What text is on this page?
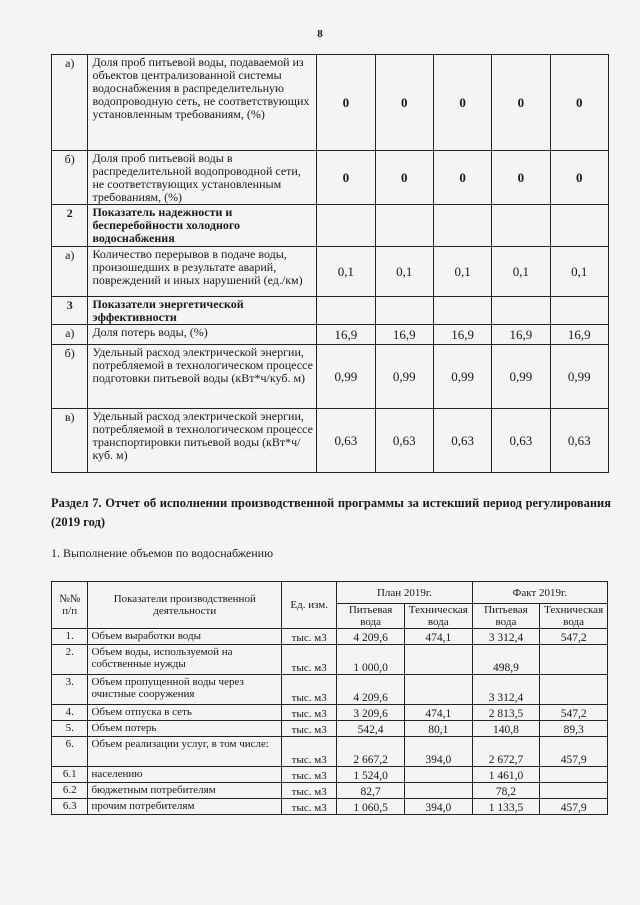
8
а)	Доля проб питьевой воды, подаваемой из объектов централизованной системы водоснабжения в распределительную водопроводную сеть, не соответствующих установленным требованиям, (%)	0	0	0	0	0
б)	Доля проб питьевой воды в распределительной водопроводной сети, не соответствующих установленным требованиям, (%)	0	0	0	0	0
2	Показатель надежности и бесперебойности холодного водоснабжения					
а)	Количество перерывов в подаче воды, произошедших в результате аварий, повреждений и иных нарушений (ед./км)	0,1	0,1	0,1	0,1	0,1
3	Показатели энергетической эффективности					
а)	Доля потерь воды, (%)	16,9	16,9	16,9	16,9	16,9
б)	Удельный расход электрической энергии, потребляемой в технологическом процессе подготовки питьевой воды (кВт*ч/куб. м)	0,99	0,99	0,99	0,99	0,99
в)	Удельный расход электрической энергии, потребляемой в технологическом процессе транспортировки питьевой воды (кВт*ч/куб. м)	0,63	0,63	0,63	0,63	0,63
Раздел 7. Отчет об исполнении производственной программы за истекший период регулирования (2019 год)
1. Выполнение объемов по водоснабжению
№№ п/п	Показатели производственной деятельности	Ед. изм.	План 2019г.		Факт 2019г.	
			Питьевая вода	Техническая вода	Питьевая вода	Техническая вода
1.	Объем выработки воды	тыс. м3	4 209,6	474,1	3 312,4	547,2
2.	Объем воды, используемой на собственные нужды	тыс. м3	1 000,0		498,9	
3.	Объем пропущенной воды через очистные сооружения	тыс. м3	4 209,6		3 312,4	
4.	Объем отпуска в сеть	тыс. м3	3 209,6	474,1	2 813,5	547,2
5.	Объем потерь	тыс. м3	542,4	80,1	140,8	89,3
6.	Объем реализации услуг, в том числе:	тыс. м3	2 667,2	394,0	2 672,7	457,9
6.1	населению	тыс. м3	1 524,0		1 461,0	
6.2	бюджетным потребителям	тыс. м3	82,7		78,2	
6.3	прочим потребителям	тыс. м3	1 060,5	394,0	1 133,5	457,9
